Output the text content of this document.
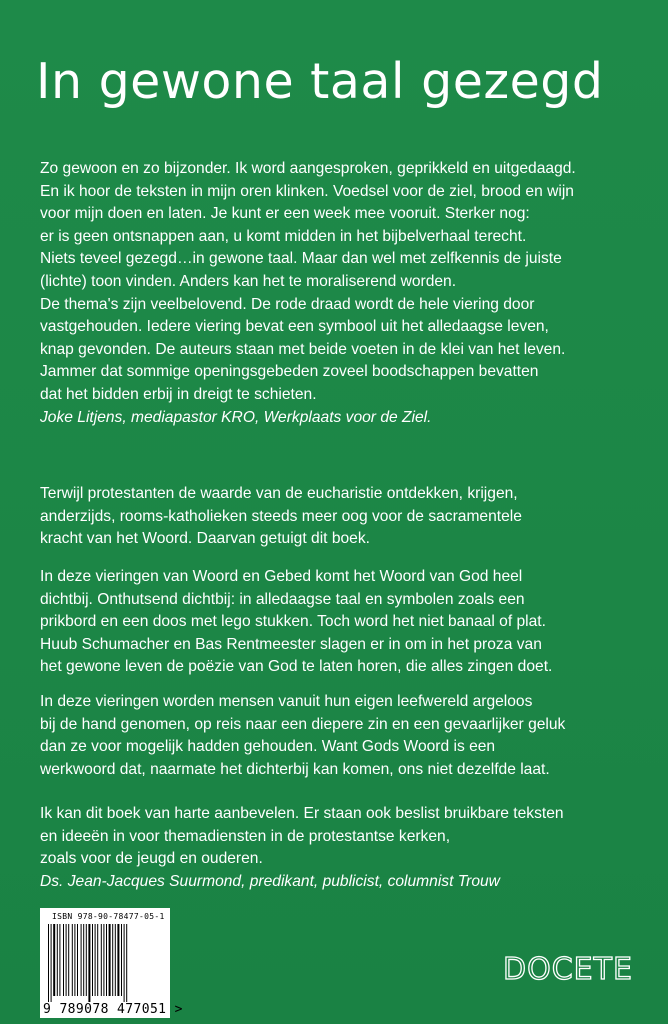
In gewone taal gezegd

Zo gewoon en zo bijzonder. Ik word aangesproken, geprikkeld en uitgedaagd.
En ik hoor de teksten in mijn oren klinken. Voedsel voor de ziel, brood en wijn
voor mijn doen en laten. Je kunt er een week mee vooruit. Sterker nog:
er is geen ontsnappen aan, u komt midden in het bijbelverhaal terecht.
Niets teveel gezegd…in gewone taal. Maar dan wel met zelfkennis de juiste
(lichte) toon vinden. Anders kan het te moraliserend worden.
De thema's zijn veelbelovend. De rode draad wordt de hele viering door
vastgehouden. Iedere viering bevat een symbool uit het alledaagse leven,
knap gevonden. De auteurs staan met beide voeten in de klei van het leven.
Jammer dat sommige openingsgebeden zoveel boodschappen bevatten
dat het bidden erbij in dreigt te schieten.
Joke Litjens, mediapastor KRO, Werkplaats voor de Ziel.

Terwijl protestanten de waarde van de eucharistie ontdekken, krijgen,
anderzijds, rooms-katholieken steeds meer oog voor de sacramentele
kracht van het Woord. Daarvan getuigt dit boek.

In deze vieringen van Woord en Gebed komt het Woord van God heel
dichtbij. Onthutsend dichtbij: in alledaagse taal en symbolen zoals een
prikbord en een doos met lego stukken. Toch word het niet banaal of plat.
Huub Schumacher en Bas Rentmeester slagen er in om in het proza van
het gewone leven de poëzie van God te laten horen, die alles zingen doet.

In deze vieringen worden mensen vanuit hun eigen leefwereld argeloos
bij de hand genomen, op reis naar een diepere zin en een gevaarlijker geluk
dan ze voor mogelijk hadden gehouden. Want Gods Woord is een
werkwoord dat, naarmate het dichterbij kan komen, ons niet dezelfde laat.

Ik kan dit boek van harte aanbevelen. Er staan ook beslist bruikbare teksten
en ideeën in voor themadiensten in de protestantse kerken,
zoals voor de jeugd en ouderen.
Ds. Jean-Jacques Suurmond, predikant, publicist, columnist Trouw

ISBN 978-90-78477-05-1
9 789078 477051 >
DOCETE
